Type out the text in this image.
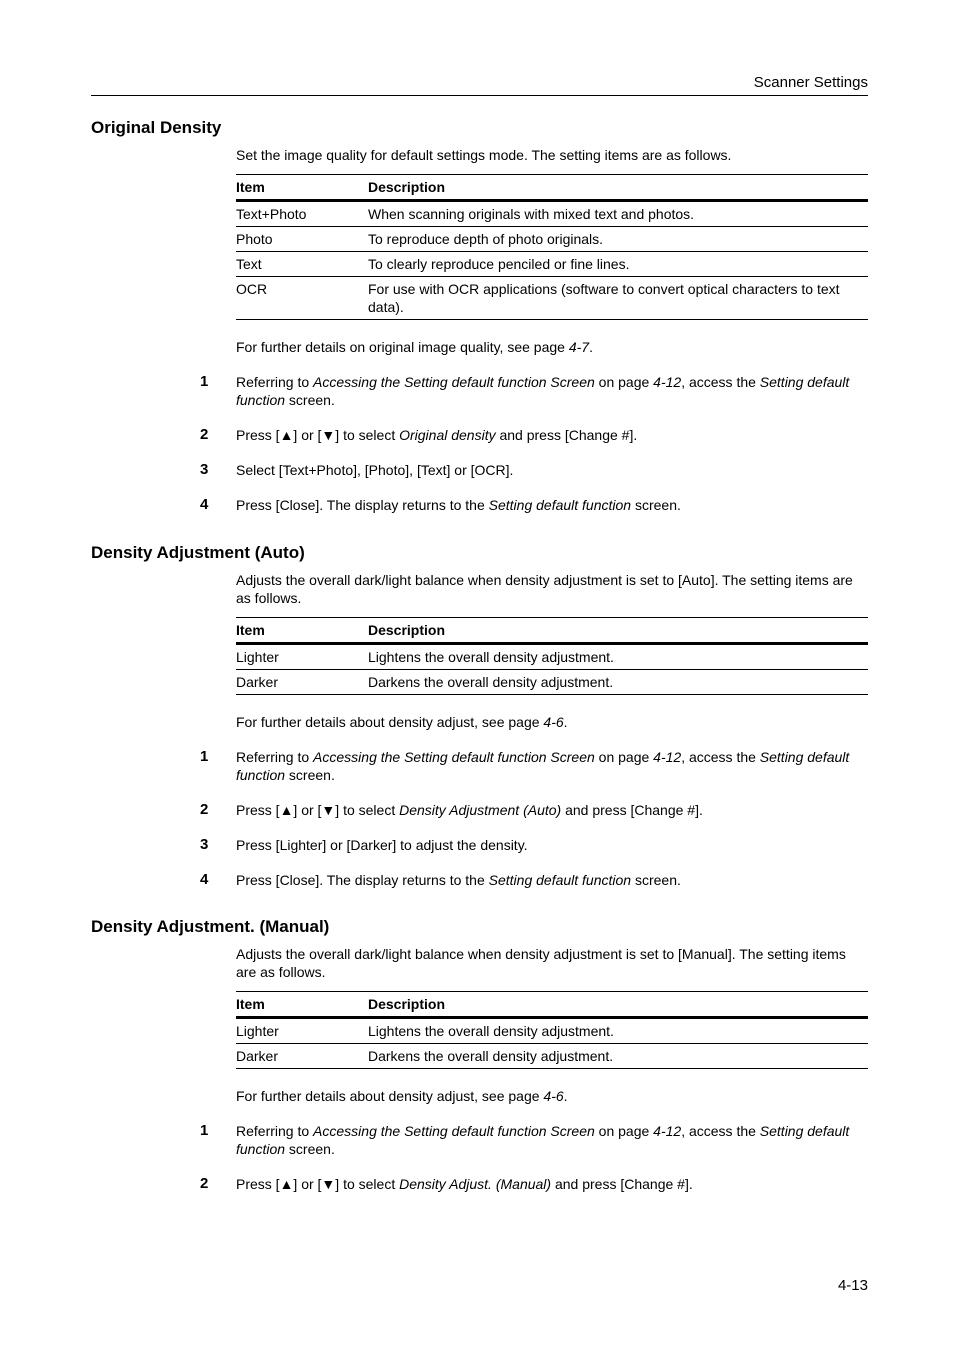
Scanner Settings
Original Density
Set the image quality for default settings mode. The setting items are as follows.
Item	Description
Text+Photo	When scanning originals with mixed text and photos.
Photo	To reproduce depth of photo originals.
Text	To clearly reproduce penciled or fine lines.
OCR	For use with OCR applications (software to convert optical characters to text data).
For further details on original image quality, see page 4-7.
1 Referring to Accessing the Setting default function Screen on page 4-12, access the Setting default function screen.
2 Press [▲] or [▼] to select Original density and press [Change #].
3 Select [Text+Photo], [Photo], [Text] or [OCR].
4 Press [Close]. The display returns to the Setting default function screen.
Density Adjustment (Auto)
Adjusts the overall dark/light balance when density adjustment is set to [Auto]. The setting items are as follows.
Item	Description
Lighter	Lightens the overall density adjustment.
Darker	Darkens the overall density adjustment.
For further details about density adjust, see page 4-6.
1 Referring to Accessing the Setting default function Screen on page 4-12, access the Setting default function screen.
2 Press [▲] or [▼] to select Density Adjustment (Auto) and press [Change #].
3 Press [Lighter] or [Darker] to adjust the density.
4 Press [Close]. The display returns to the Setting default function screen.
Density Adjustment. (Manual)
Adjusts the overall dark/light balance when density adjustment is set to [Manual]. The setting items are as follows.
Item	Description
Lighter	Lightens the overall density adjustment.
Darker	Darkens the overall density adjustment.
For further details about density adjust, see page 4-6.
1 Referring to Accessing the Setting default function Screen on page 4-12, access the Setting default function screen.
2 Press [▲] or [▼] to select Density Adjust. (Manual) and press [Change #].
4-13
